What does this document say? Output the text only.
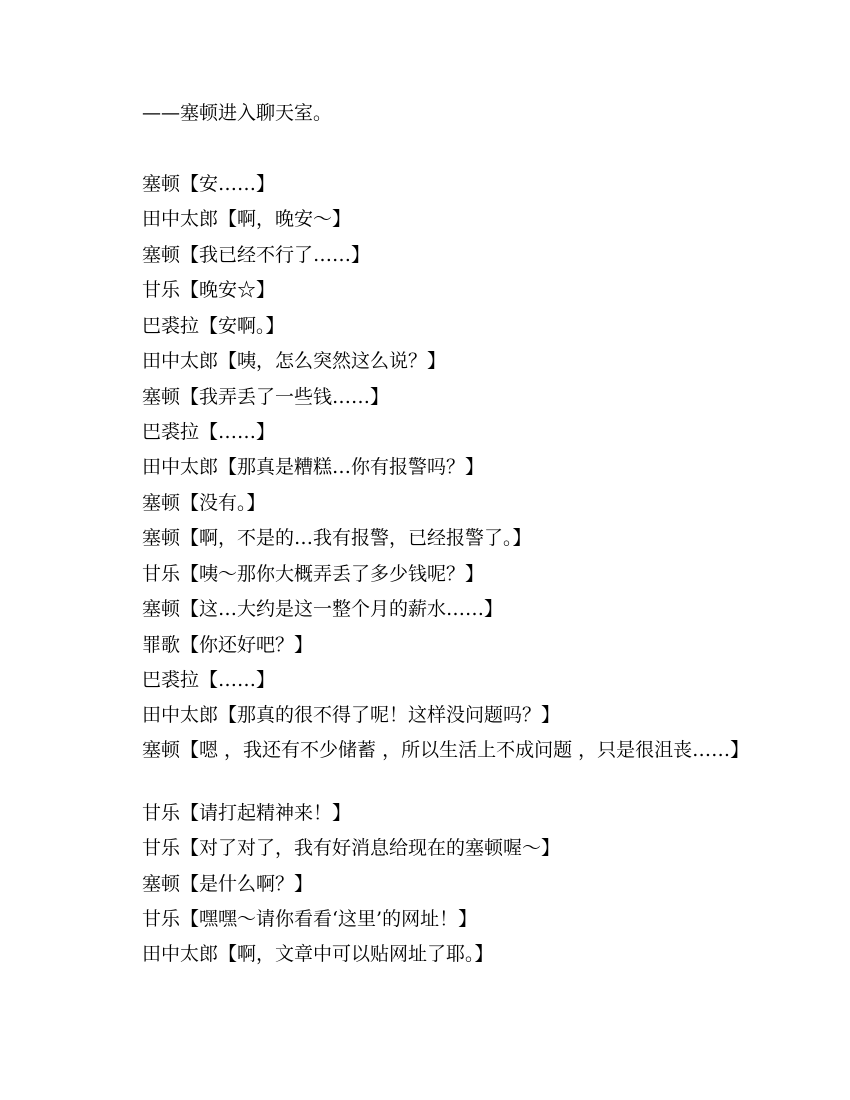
——塞顿进入聊天室。
塞顿【安……】
田中太郎【啊，晚安～】
塞顿【我已经不行了……】
甘乐【晚安☆】
巴裘拉【安啊。】
田中太郎【咦，怎么突然这么说？】
塞顿【我弄丢了一些钱……】
巴裘拉【……】
田中太郎【那真是糟糕…你有报警吗？】
塞顿【没有。】
塞顿【啊，不是的…我有报警，已经报警了。】
甘乐【咦～那你大概弄丢了多少钱呢？】
塞顿【这…大约是这一整个月的薪水……】
罪歌【你还好吧？】
巴裘拉【……】
田中太郎【那真的很不得了呢！这样没问题吗？】
塞顿【嗯 ，我还有不少储蓄 ，所以生活上不成问题 ，只是很沮丧……】
甘乐【请打起精神来！】
甘乐【对了对了，我有好消息给现在的塞顿喔～】
塞顿【是什么啊？】
甘乐【嘿嘿～请你看看‘这里’的网址！】
田中太郎【啊，文章中可以贴网址了耶。】
